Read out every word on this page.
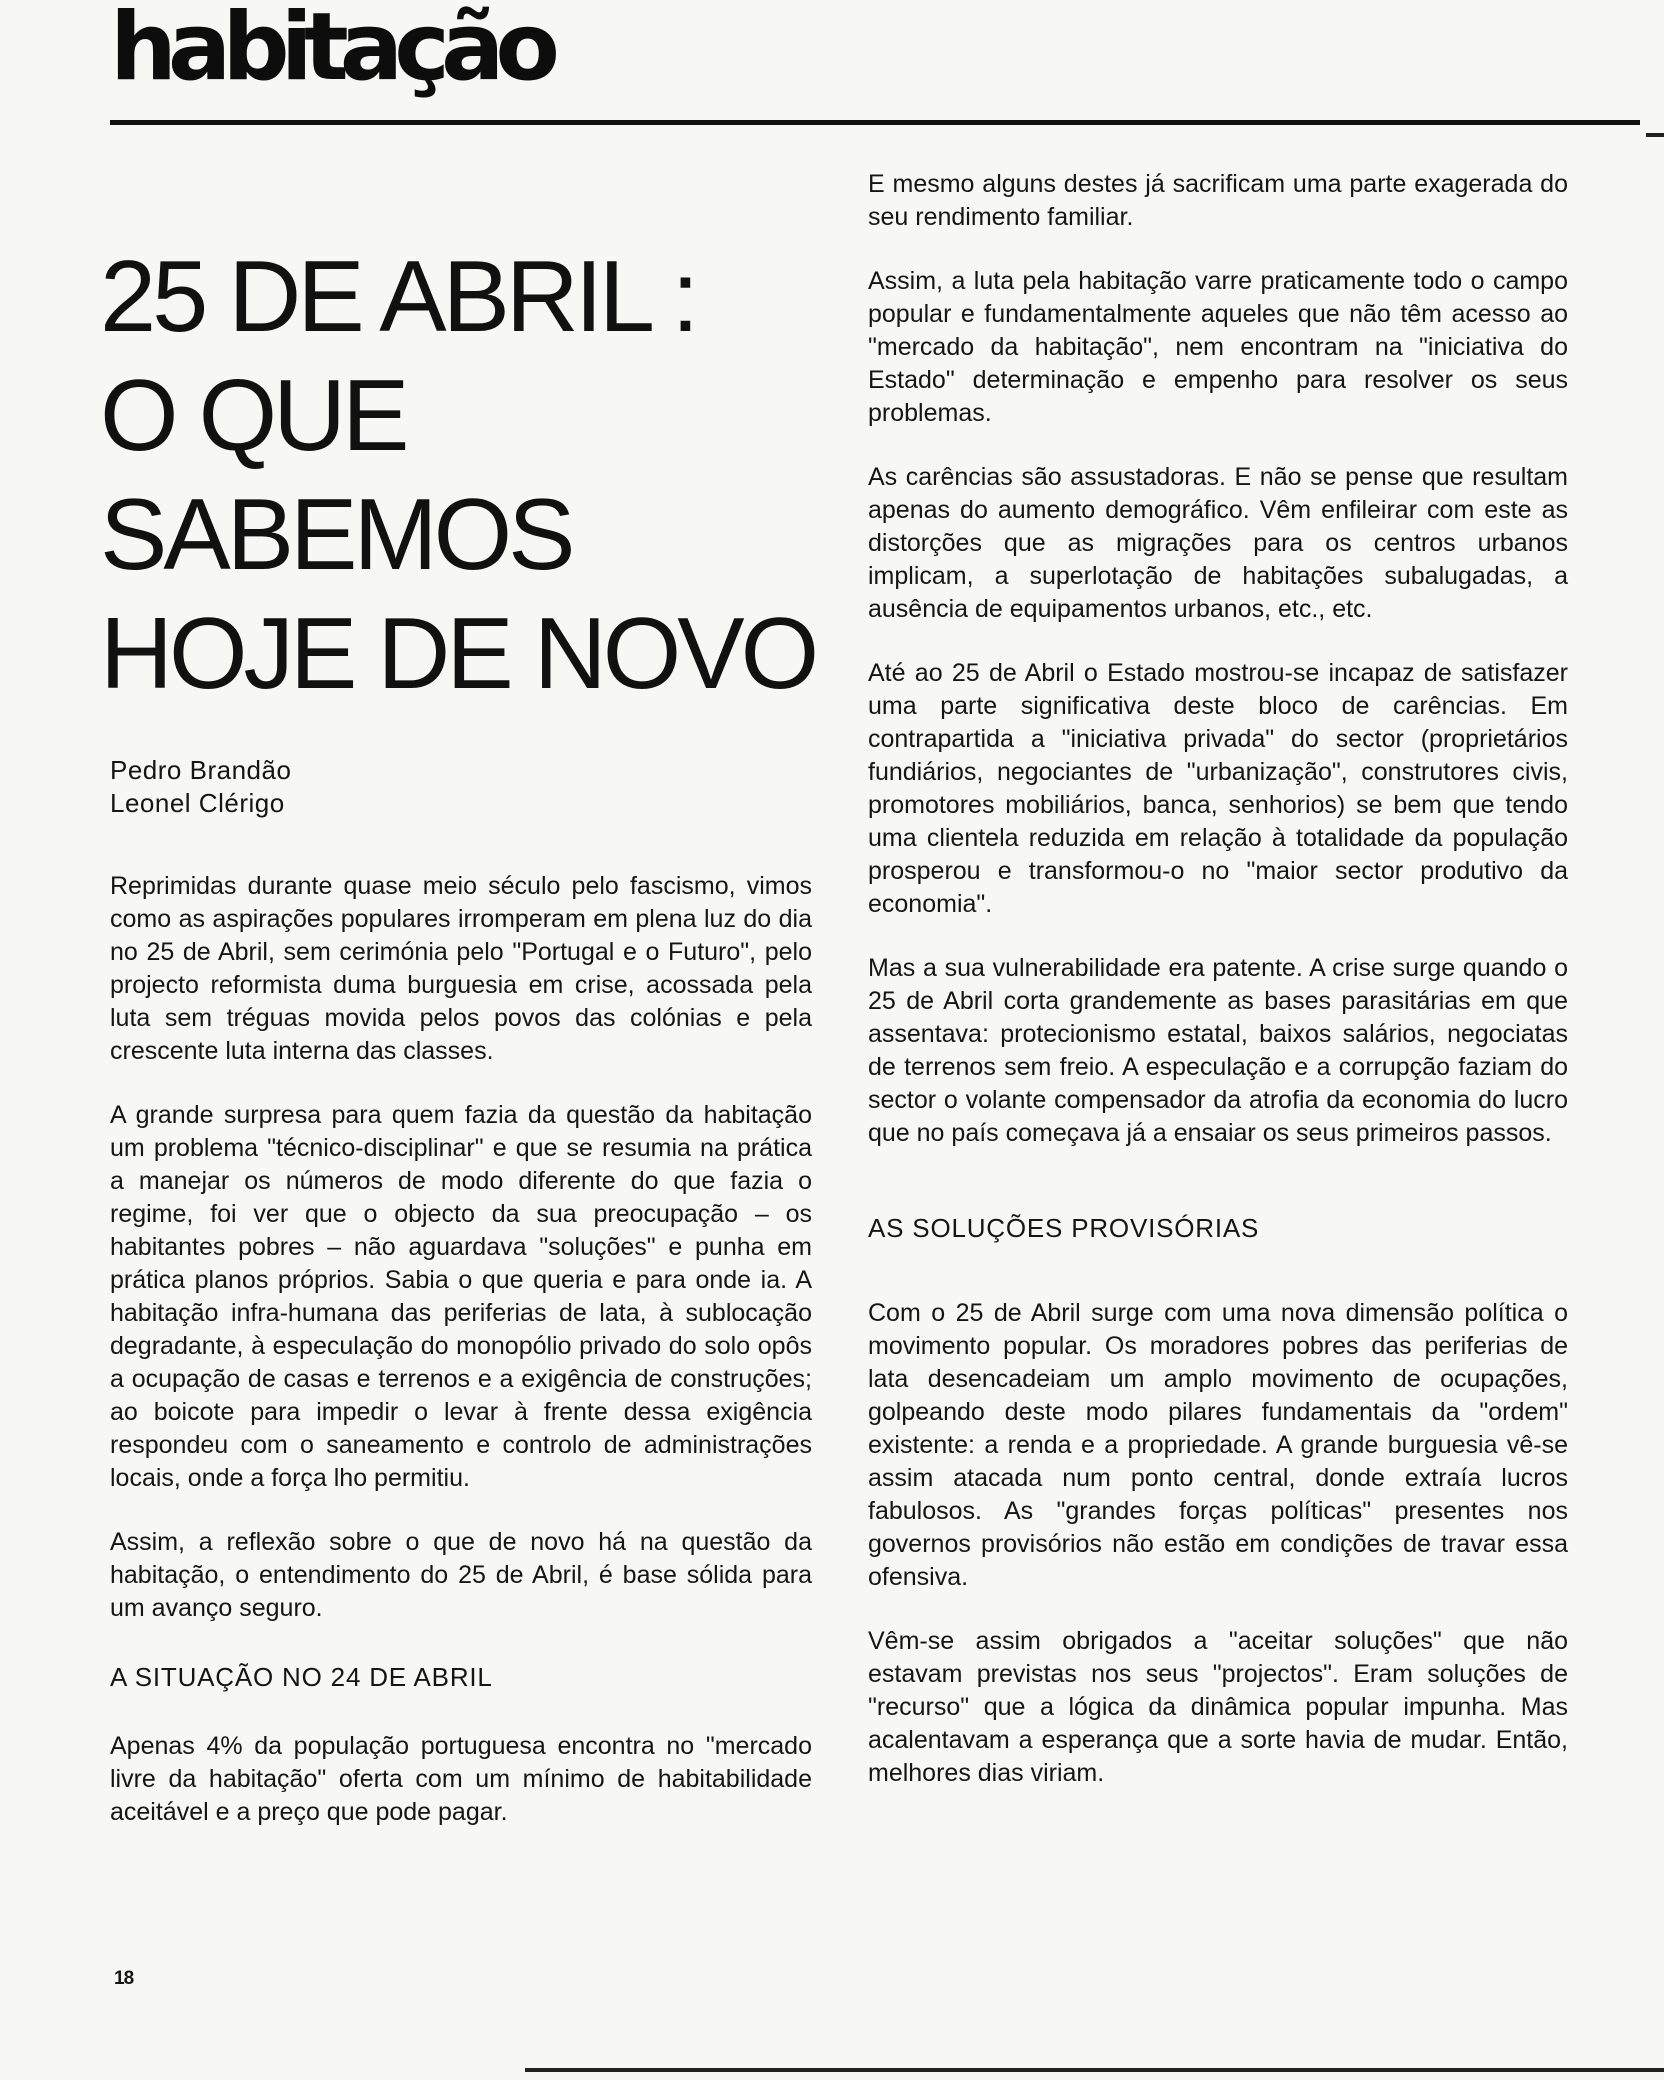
habitação
25 DE ABRIL :
O QUE
SABEMOS
HOJE DE NOVO
Pedro Brandão
Leonel Clérigo

Reprimidas durante quase meio século pelo fascismo, vimos como as aspirações populares irromperam em plena luz do dia no 25 de Abril, sem cerimónia pelo "Portugal e o Futuro", pelo projecto reformista duma burguesia em crise, acossada pela luta sem tréguas movida pelos povos das colónias e pela crescente luta interna das classes.

A grande surpresa para quem fazia da questão da habitação um problema "técnico-disciplinar" e que se resumia na prática a manejar os números de modo diferente do que fazia o regime, foi ver que o objecto da sua preocupação – os habitantes pobres – não aguardava "soluções" e punha em prática planos próprios. Sabia o que queria e para onde ia. A habitação infra-humana das periferias de lata, à sublocação degradante, à especulação do monopólio privado do solo opôs a ocupação de casas e terrenos e a exigência de construções; ao boicote para impedir o levar à frente dessa exigência respondeu com o saneamento e controlo de administrações locais, onde a força lho permitiu.

Assim, a reflexão sobre o que de novo há na questão da habitação, o entendimento do 25 de Abril, é base sólida para um avanço seguro.

A SITUAÇÃO NO 24 DE ABRIL

Apenas 4% da população portuguesa encontra no "mercado livre da habitação" oferta com um mínimo de habitabilidade aceitável e a preço que pode pagar.

E mesmo alguns destes já sacrificam uma parte exagerada do seu rendimento familiar.

Assim, a luta pela habitação varre praticamente todo o campo popular e fundamentalmente aqueles que não têm acesso ao "mercado da habitação", nem encontram na "iniciativa do Estado" determinação e empenho para resolver os seus problemas.

As carências são assustadoras. E não se pense que resultam apenas do aumento demográfico. Vêm enfileirar com este as distorções que as migrações para os centros urbanos implicam, a superlotação de habitações subalugadas, a ausência de equipamentos urbanos, etc., etc.

Até ao 25 de Abril o Estado mostrou-se incapaz de satisfazer uma parte significativa deste bloco de carências. Em contrapartida a "iniciativa privada" do sector (proprietários fundiários, negociantes de "urbanização", construtores civis, promotores mobiliários, banca, senhorios) se bem que tendo uma clientela reduzida em relação à totalidade da população prosperou e transformou-o no "maior sector produtivo da economia".

Mas a sua vulnerabilidade era patente. A crise surge quando o 25 de Abril corta grandemente as bases parasitárias em que assentava: protecionismo estatal, baixos salários, negociatas de terrenos sem freio. A especulação e a corrupção faziam do sector o volante compensador da atrofia da economia do lucro que no país começava já a ensaiar os seus primeiros passos.

AS SOLUÇÕES PROVISÓRIAS

Com o 25 de Abril surge com uma nova dimensão política o movimento popular. Os moradores pobres das periferias de lata desencadeiam um amplo movimento de ocupações, golpeando deste modo pilares fundamentais da "ordem" existente: a renda e a propriedade. A grande burguesia vê-se assim atacada num ponto central, donde extraía lucros fabulosos. As "grandes forças políticas" presentes nos governos provisórios não estão em condições de travar essa ofensiva.

Vêm-se assim obrigados a "aceitar soluções" que não estavam previstas nos seus "projectos". Eram soluções de "recurso" que a lógica da dinâmica popular impunha. Mas acalentavam a esperança que a sorte havia de mudar. Então, melhores dias viriam.

18
